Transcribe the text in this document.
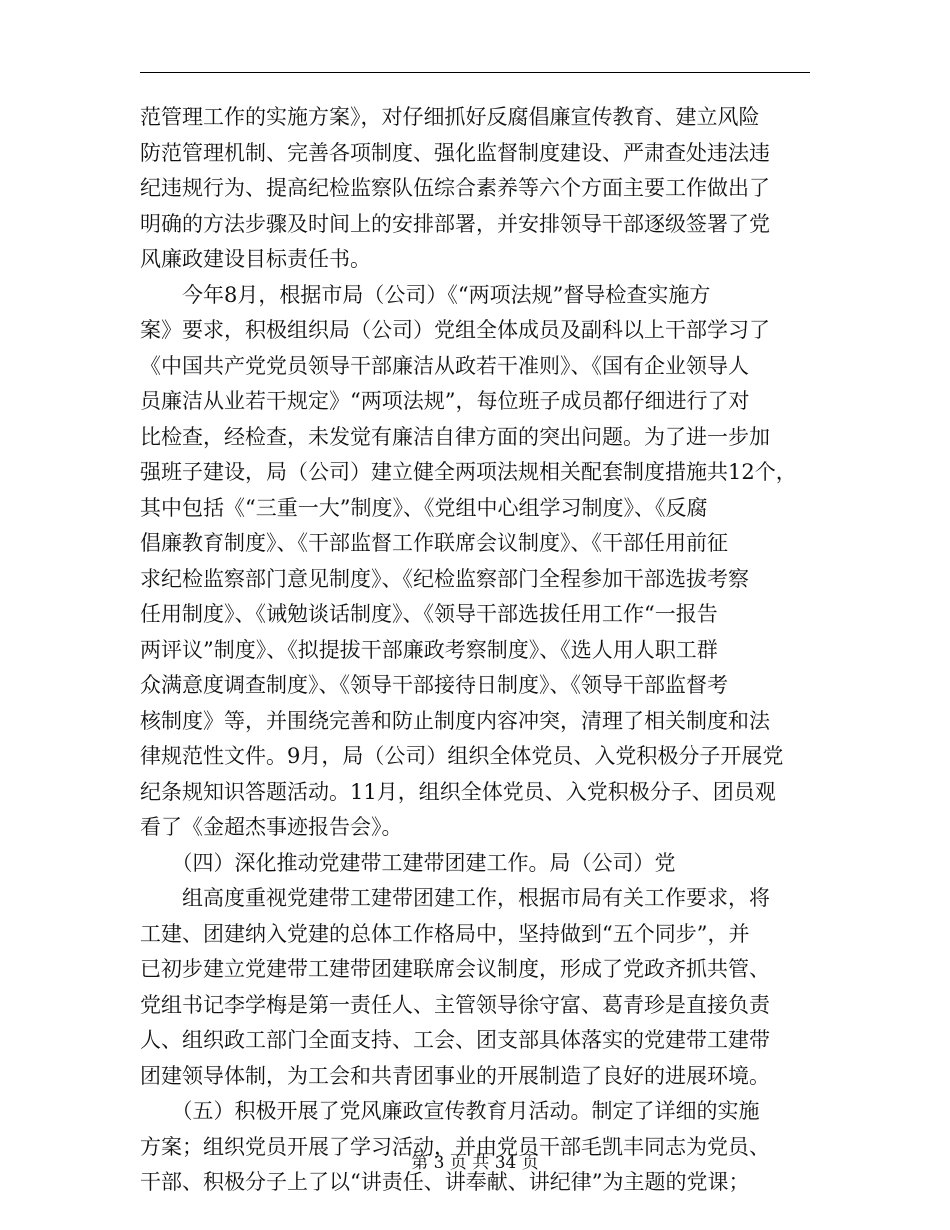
范管理工作的实施方案》，对仔细抓好反腐倡廉宣传教育、建立风险
防范管理机制、完善各项制度、强化监督制度建设、严肃查处违法违
纪违规行为、提高纪检监察队伍综合素养等六个方面主要工作做出了
明确的方法步骤及时间上的安排部署，并安排领导干部逐级签署了党
风廉政建设目标责任书。
　　今年8月，根据市局（公司）《“两项法规”督导检查实施方
案》要求，积极组织局（公司）党组全体成员及副科以上干部学习了
《中国共产党党员领导干部廉洁从政若干准则》、《国有企业领导人
员廉洁从业若干规定》“两项法规”，每位班子成员都仔细进行了对
比检查，经检查，未发觉有廉洁自律方面的突出问题。为了进一步加
强班子建设，局（公司）建立健全两项法规相关配套制度措施共12个，
其中包括《“三重一大”制度》、《党组中心组学习制度》、《反腐
倡廉教育制度》、《干部监督工作联席会议制度》、《干部任用前征
求纪检监察部门意见制度》、《纪检监察部门全程参加干部选拔考察
任用制度》、《诫勉谈话制度》、《领导干部选拔任用工作“一报告
两评议”制度》、《拟提拔干部廉政考察制度》、《选人用人职工群
众满意度调查制度》、《领导干部接待日制度》、《领导干部监督考
核制度》等，并围绕完善和防止制度内容冲突，清理了相关制度和法
律规范性文件。9月，局（公司）组织全体党员、入党积极分子开展党
纪条规知识答题活动。11月，组织全体党员、入党积极分子、团员观
看了《金超杰事迹报告会》。
　　（四）深化推动党建带工建带团建工作。局（公司）党
　　组高度重视党建带工建带团建工作，根据市局有关工作要求，将
工建、团建纳入党建的总体工作格局中，坚持做到“五个同步”，并
已初步建立党建带工建带团建联席会议制度，形成了党政齐抓共管、
党组书记李学梅是第一责任人、主管领导徐守富、葛青珍是直接负责
人、组织政工部门全面支持、工会、团支部具体落实的党建带工建带
团建领导体制，为工会和共青团事业的开展制造了良好的进展环境。
　　（五）积极开展了党风廉政宣传教育月活动。制定了详细的实施
方案；组织党员开展了学习活动，并由党员干部毛凯丰同志为党员、
干部、积极分子上了以“讲责任、讲奉献、讲纪律”为主题的党课；
第 3 页 共 34 页
